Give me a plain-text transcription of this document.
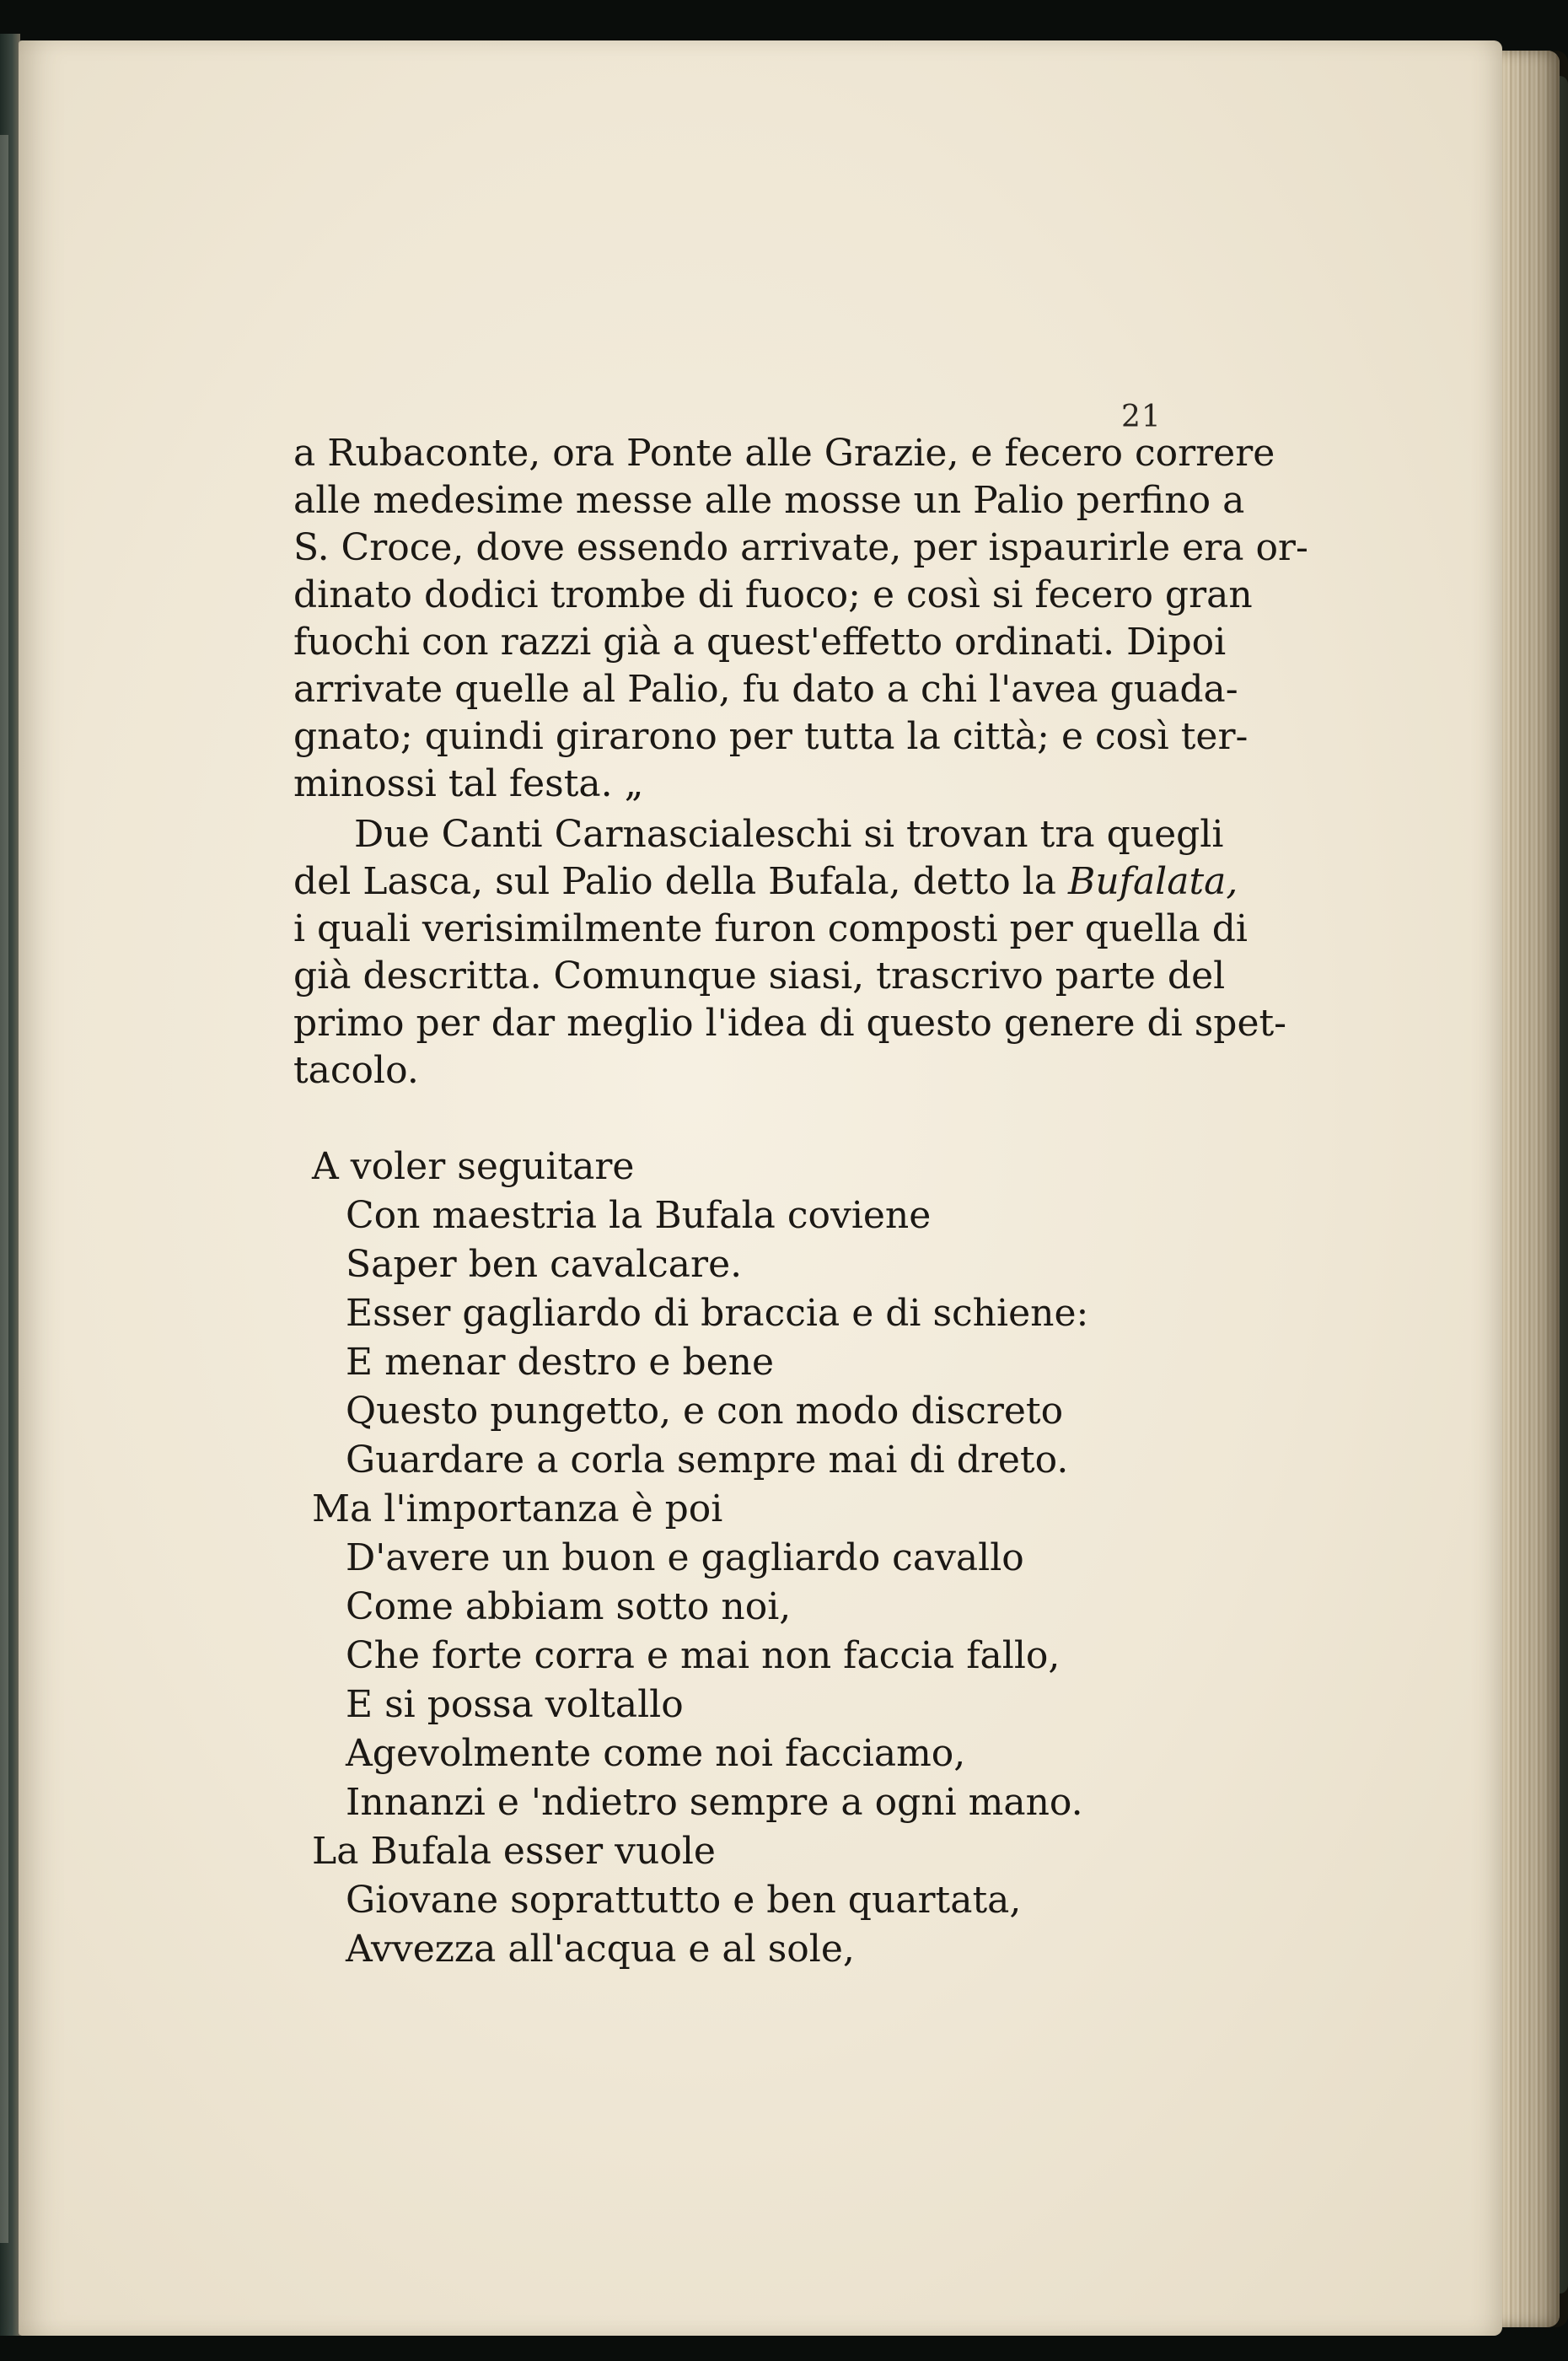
21
a Rubaconte, ora Ponte alle Grazie, e fecero correre
alle medesime messe alle mosse un Palio perfino a
S. Croce, dove essendo arrivate, per ispaurirle era or-
dinato dodici trombe di fuoco; e così si fecero gran
fuochi con razzi già a quest'effetto ordinati. Dipoi
arrivate quelle al Palio, fu dato a chi l'avea guada-
gnato; quindi girarono per tutta la città; e così ter-
minossi tal festa. „
Due Canti Carnascialeschi si trovan tra quegli
del Lasca, sul Palio della Bufala, detto la Bufalata,
i quali verisimilmente furon composti per quella di
già descritta. Comunque siasi, trascrivo parte del
primo per dar meglio l'idea di questo genere di spet-
tacolo.
A voler seguitare
Con maestria la Bufala coviene
Saper ben cavalcare.
Esser gagliardo di braccia e di schiene:
E menar destro e bene
Questo pungetto, e con modo discreto
Guardare a corla sempre mai di dreto.
Ma l'importanza è poi
D'avere un buon e gagliardo cavallo
Come abbiam sotto noi,
Che forte corra e mai non faccia fallo,
E si possa voltallo
Agevolmente come noi facciamo,
Innanzi e 'ndietro sempre a ogni mano.
La Bufala esser vuole
Giovane soprattutto e ben quartata,
Avvezza all'acqua e al sole,
